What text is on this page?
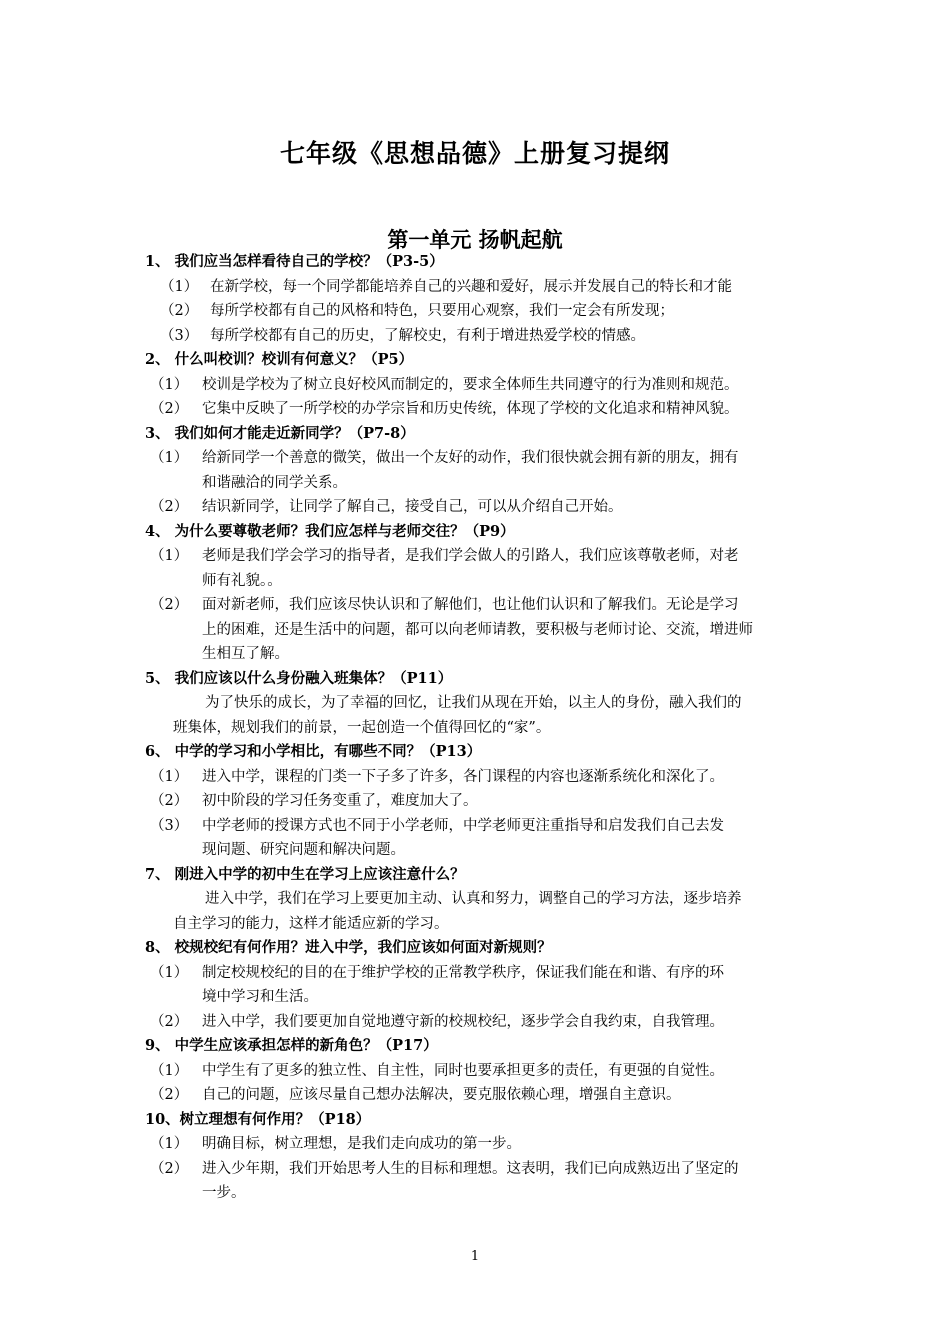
七年级《思想品德》上册复习提纲
第一单元 扬帆起航
1、 我们应当怎样看待自己的学校？（P3-5）
（1） 在新学校，每一个同学都能培养自己的兴趣和爱好，展示并发展自己的特长和才能
（2） 每所学校都有自己的风格和特色，只要用心观察，我们一定会有所发现；
（3） 每所学校都有自己的历史，了解校史，有利于增进热爱学校的情感。
2、 什么叫校训？校训有何意义？（P5）
（1） 校训是学校为了树立良好校风而制定的，要求全体师生共同遵守的行为准则和规范。
（2） 它集中反映了一所学校的办学宗旨和历史传统，体现了学校的文化追求和精神风貌。
3、 我们如何才能走近新同学？（P7-8）
（1） 给新同学一个善意的微笑，做出一个友好的动作，我们很快就会拥有新的朋友，拥有
和谐融洽的同学关系。
（2） 结识新同学，让同学了解自己，接受自己，可以从介绍自己开始。
4、 为什么要尊敬老师？我们应怎样与老师交往？（P9）
（1） 老师是我们学会学习的指导者，是我们学会做人的引路人，我们应该尊敬老师，对老
师有礼貌。。
（2） 面对新老师，我们应该尽快认识和了解他们，也让他们认识和了解我们。无论是学习
上的困难，还是生活中的问题，都可以向老师请教，要积极与老师讨论、交流，增进师
生相互了解。
5、 我们应该以什么身份融入班集体？（P11）
为了快乐的成长，为了幸福的回忆，让我们从现在开始，以主人的身份，融入我们的
班集体，规划我们的前景，一起创造一个值得回忆的“家”。
6、 中学的学习和小学相比，有哪些不同？（P13）
（1） 进入中学，课程的门类一下子多了许多，各门课程的内容也逐渐系统化和深化了。
（2） 初中阶段的学习任务变重了，难度加大了。
（3） 中学老师的授课方式也不同于小学老师，中学老师更注重指导和启发我们自己去发
现问题、研究问题和解决问题。
7、 刚进入中学的初中生在学习上应该注意什么？
进入中学，我们在学习上要更加主动、认真和努力，调整自己的学习方法，逐步培养
自主学习的能力，这样才能适应新的学习。
8、 校规校纪有何作用？进入中学，我们应该如何面对新规则？
（1） 制定校规校纪的目的在于维护学校的正常教学秩序，保证我们能在和谐、有序的环
境中学习和生活。
（2） 进入中学，我们要更加自觉地遵守新的校规校纪，逐步学会自我约束，自我管理。
9、 中学生应该承担怎样的新角色？（P17）
（1） 中学生有了更多的独立性、自主性，同时也要承担更多的责任，有更强的自觉性。
（2） 自己的问题，应该尽量自己想办法解决，要克服依赖心理，增强自主意识。
10、树立理想有何作用？（P18）
（1） 明确目标，树立理想，是我们走向成功的第一步。
（2） 进入少年期，我们开始思考人生的目标和理想。这表明，我们已向成熟迈出了坚定的
一步。
1
